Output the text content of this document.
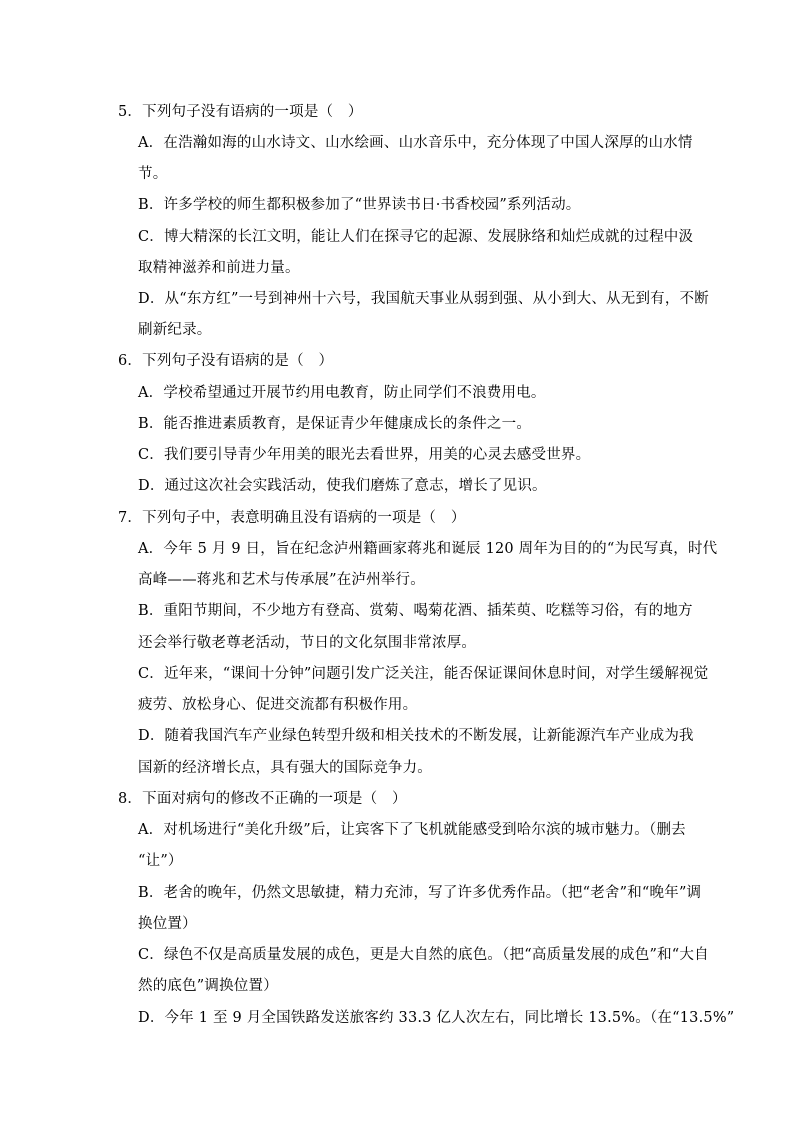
5．下列句子没有语病的一项是（　）
A．在浩瀚如海的山水诗文、山水绘画、山水音乐中，充分体现了中国人深厚的山水情
节。
B．许多学校的师生都积极参加了“世界读书日·书香校园”系列活动。
C．博大精深的长江文明，能让人们在探寻它的起源、发展脉络和灿烂成就的过程中汲
取精神滋养和前进力量。
D．从“东方红”一号到神州十六号，我国航天事业从弱到强、从小到大、从无到有，不断
刷新纪录。
6．下列句子没有语病的是（　）
A．学校希望通过开展节约用电教育，防止同学们不浪费用电。
B．能否推进素质教育，是保证青少年健康成长的条件之一。
C．我们要引导青少年用美的眼光去看世界，用美的心灵去感受世界。
D．通过这次社会实践活动，使我们磨炼了意志，增长了见识。
7．下列句子中，表意明确且没有语病的一项是（　）
A．今年 5 月 9 日，旨在纪念泸州籍画家蒋兆和诞辰 120 周年为目的的“为民写真，时代
高峰——蒋兆和艺术与传承展”在泸州举行。
B．重阳节期间，不少地方有登高、赏菊、喝菊花酒、插茱萸、吃糕等习俗，有的地方
还会举行敬老尊老活动，节日的文化氛围非常浓厚。
C．近年来，“课间十分钟”问题引发广泛关注，能否保证课间休息时间，对学生缓解视觉
疲劳、放松身心、促进交流都有积极作用。
D．随着我国汽车产业绿色转型升级和相关技术的不断发展，让新能源汽车产业成为我
国新的经济增长点，具有强大的国际竞争力。
8．下面对病句的修改不正确的一项是（　）
A．对机场进行“美化升级”后，让宾客下了飞机就能感受到哈尔滨的城市魅力。（删去
“让”）
B．老舍的晚年，仍然文思敏捷，精力充沛，写了许多优秀作品。（把“老舍”和“晚年”调
换位置）
C．绿色不仅是高质量发展的成色，更是大自然的底色。（把“高质量发展的成色”和“大自
然的底色”调换位置）
D．今年 1 至 9 月全国铁路发送旅客约 33.3 亿人次左右，同比增长 13.5%。（在“13.5%”
